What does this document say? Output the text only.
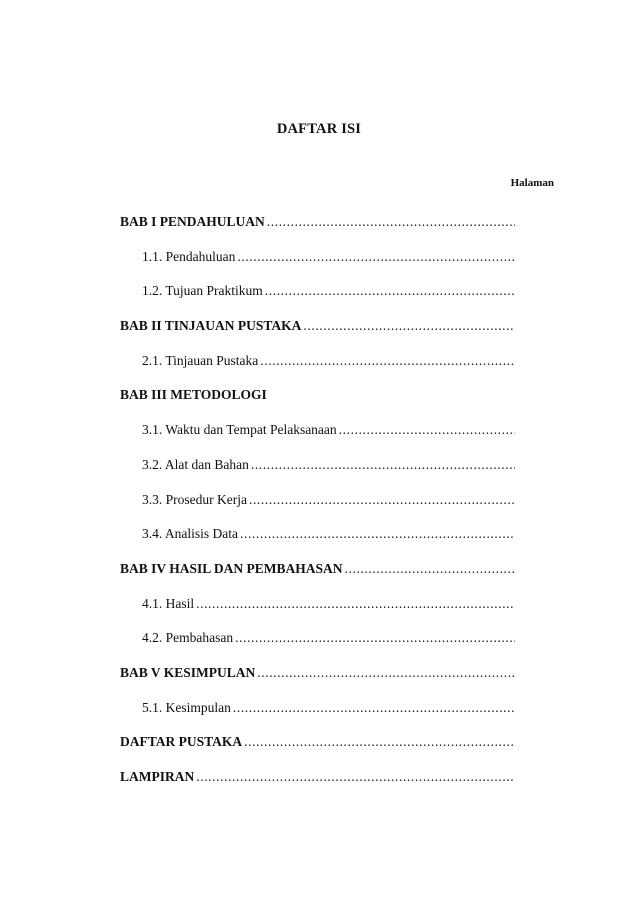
DAFTAR ISI
Halaman
BAB I PENDAHULUAN
.....
1.1. Pendahuluan
.....
1.2. Tujuan Praktikum
.....
BAB II TINJAUAN PUSTAKA
.....
2.1. Tinjauan Pustaka
.....
BAB III METODOLOGI
3.1. Waktu dan Tempat Pelaksanaan
.....
3.2. Alat dan Bahan
.....
3.3. Prosedur Kerja
.....
3.4. Analisis Data
.....
BAB IV HASIL DAN PEMBAHASAN
.....
4.1. Hasil
.....
4.2. Pembahasan
.....
BAB V KESIMPULAN
.....
5.1. Kesimpulan
.....
DAFTAR PUSTAKA
.....
LAMPIRAN
.....
